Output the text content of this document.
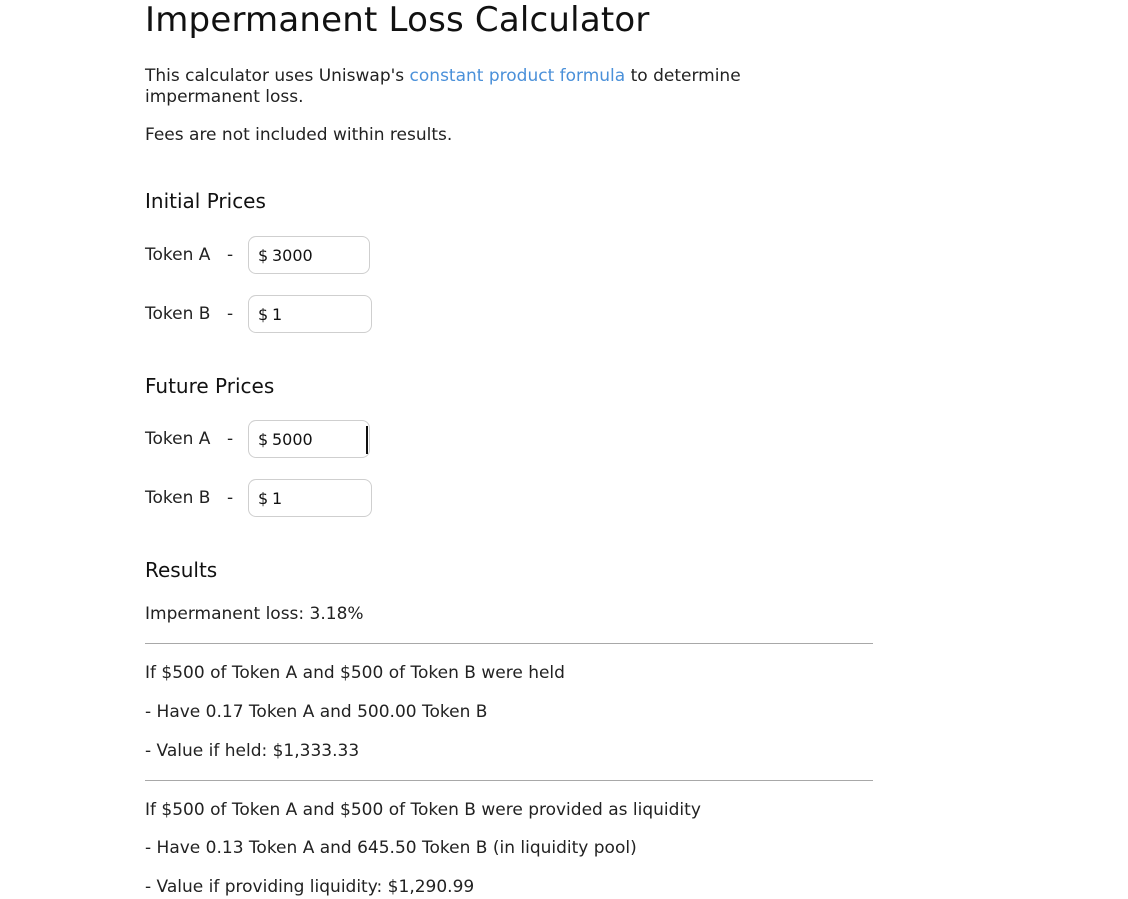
Impermanent Loss Calculator

This calculator uses Uniswap's constant product formula to determine impermanent loss.

Fees are not included within results.

Initial Prices
Token A - $
3000
Token B - $
1
Future Prices
Token A - $
5000
Token B - $
1
Results

Impermanent loss: 3.18%

If $500 of Token A and $500 of Token B were held

- Have 0.17 Token A and 500.00 Token B

- Value if held: $1,333.33

If $500 of Token A and $500 of Token B were provided as liquidity

- Have 0.13 Token A and 645.50 Token B (in liquidity pool)

- Value if providing liquidity: $1,290.99
